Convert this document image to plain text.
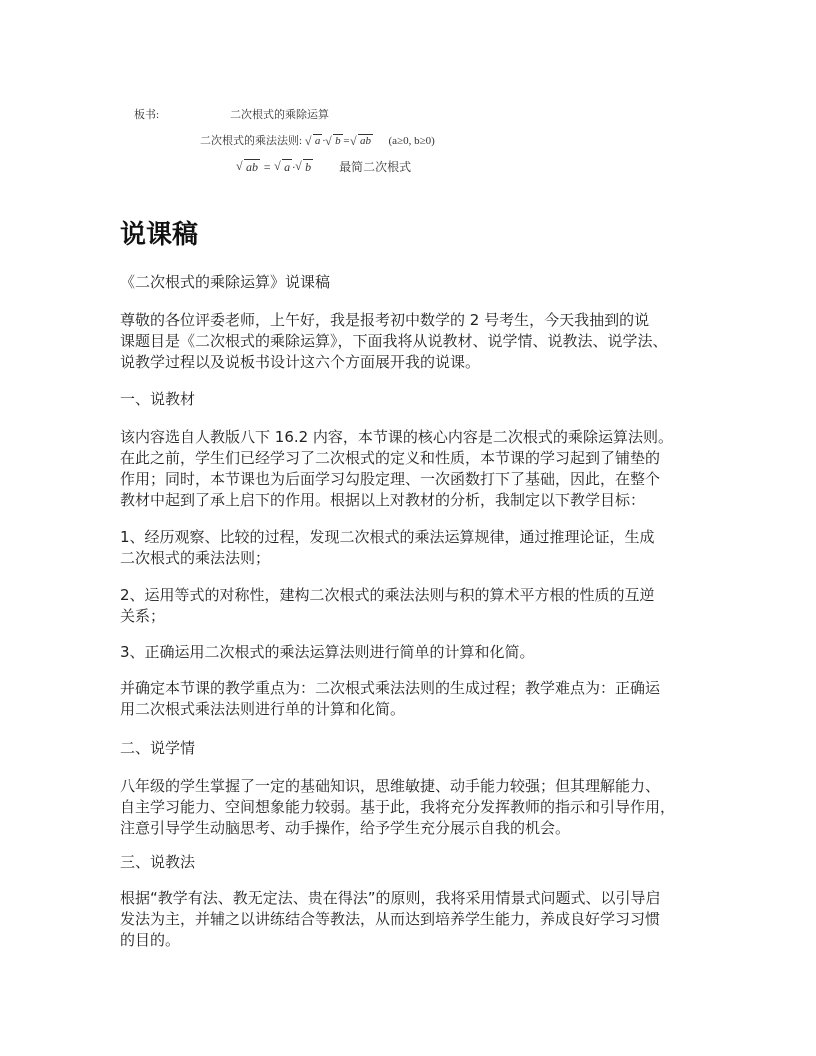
板书:	二次根式的乘除运算
二次根式的乘法法则: √ a · √ b = √ ab (a≥0, b≥0)
√ ab = √ a · √ b 最简二次根式
说课稿
《二次根式的乘除运算》说课稿
尊敬的各位评委老师，上午好，我是报考初中数学的 2 号考生，今天我抽到的说
课题目是《二次根式的乘除运算》，下面我将从说教材、说学情、说教法、说学法、
说教学过程以及说板书设计这六个方面展开我的说课。
一、说教材
该内容选自人教版八下 16.2 内容，本节课的核心内容是二次根式的乘除运算法则。
在此之前，学生们已经学习了二次根式的定义和性质，本节课的学习起到了铺垫的
作用；同时，本节课也为后面学习勾股定理、一次函数打下了基础，因此，在整个
教材中起到了承上启下的作用。根据以上对教材的分析，我制定以下教学目标：
1、经历观察、比较的过程，发现二次根式的乘法运算规律，通过推理论证，生成
二次根式的乘法法则；
2、运用等式的对称性，建构二次根式的乘法法则与积的算术平方根的性质的互逆
关系；
3、正确运用二次根式的乘法运算法则进行简单的计算和化简。
并确定本节课的教学重点为：二次根式乘法法则的生成过程；教学难点为：正确运
用二次根式乘法法则进行单的计算和化简。
二、说学情
八年级的学生掌握了一定的基础知识，思维敏捷、动手能力较强；但其理解能力、
自主学习能力、空间想象能力较弱。基于此，我将充分发挥教师的指示和引导作用，
注意引导学生动脑思考、动手操作，给予学生充分展示自我的机会。
三、说教法
根据“教学有法、教无定法、贵在得法”的原则，我将采用情景式问题式、以引导启
发法为主，并辅之以讲练结合等教法，从而达到培养学生能力，养成良好学习习惯
的目的。
